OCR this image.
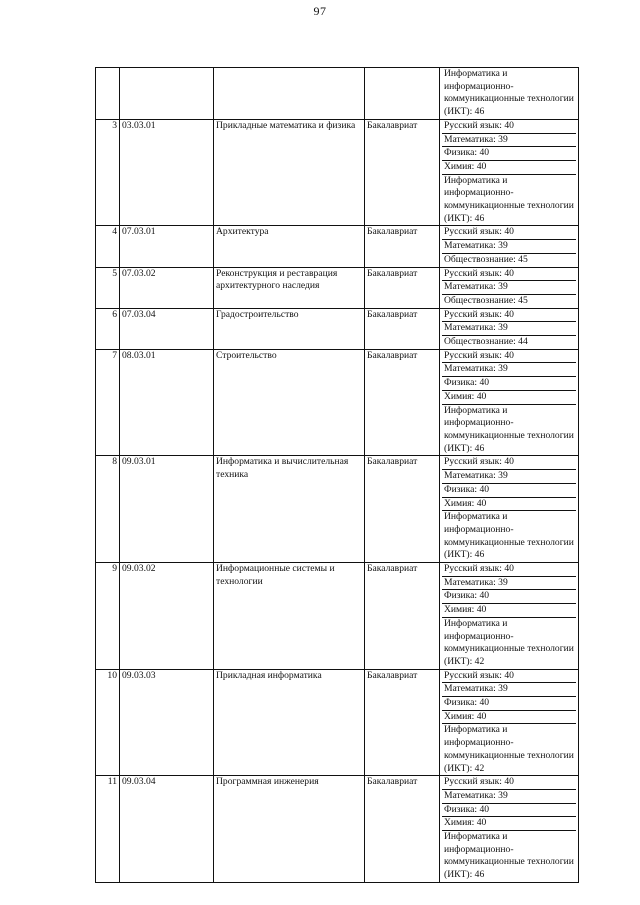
97

				Информатика и информационно-коммуникационные технологии (ИКТ): 46

3	03.03.01	Прикладные математика и физика	Бакалавриат	Русский язык: 40
Математика: 39
Физика: 40
Химия: 40
Информатика и информационно-коммуникационные технологии (ИКТ): 46

4	07.03.01	Архитектура	Бакалавриат	Русский язык: 40
Математика: 39
Обществознание: 45

5	07.03.02	Реконструкция и реставрация архитектурного наследия	Бакалавриат	Русский язык: 40
Математика: 39
Обществознание: 45

6	07.03.04	Градостроительство	Бакалавриат	Русский язык: 40
Математика: 39
Обществознание: 44

7	08.03.01	Строительство	Бакалавриат	Русский язык: 40
Математика: 39
Физика: 40
Химия: 40
Информатика и информационно-коммуникационные технологии (ИКТ): 46

8	09.03.01	Информатика и вычислительная техника	Бакалавриат	Русский язык: 40
Математика: 39
Физика: 40
Химия: 40
Информатика и информационно-коммуникационные технологии (ИКТ): 46

9	09.03.02	Информационные системы и технологии	Бакалавриат	Русский язык: 40
Математика: 39
Физика: 40
Химия: 40
Информатика и информационно-коммуникационные технологии (ИКТ): 42

10	09.03.03	Прикладная информатика	Бакалавриат	Русский язык: 40
Математика: 39
Физика: 40
Химия: 40
Информатика и информационно-коммуникационные технологии (ИКТ): 42

11	09.03.04	Программная инженерия	Бакалавриат	Русский язык: 40
Математика: 39
Физика: 40
Химия: 40
Информатика и информационно-коммуникационные технологии (ИКТ): 46
